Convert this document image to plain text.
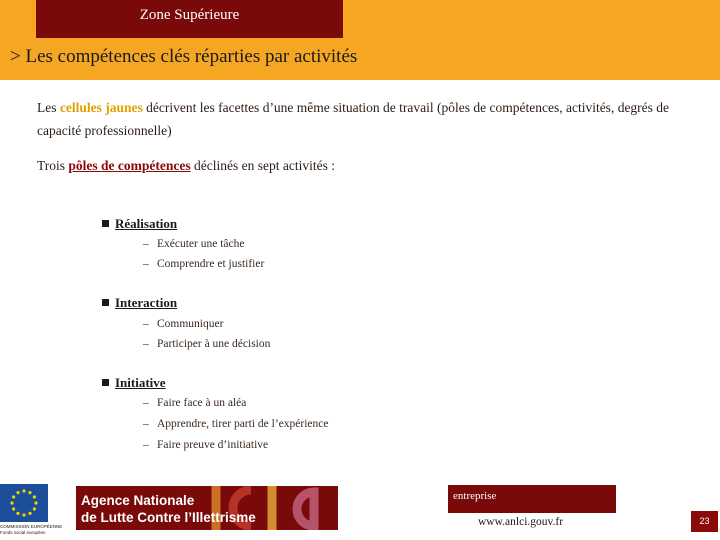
Zone Supérieure
> Les compétences clés réparties par activités
Les cellules jaunes décrivent les facettes d’une même situation de travail (pôles de compétences, activités, degrés de capacité professionnelle)
Trois pôles de compétences déclinés en sept activités :
Réalisation
– Exécuter une tâche
– Comprendre et justifier
Interaction
– Communiquer
– Participer à une décision
Initiative
– Faire face à un aléa
– Apprendre, tirer parti de l’expérience
– Faire preuve d’initiative
COMMISSION EUROPÉENNE
Fonds social européen
Agence Nationale
de Lutte Contre l’Illettrisme
entreprise
www.anlci.gouv.fr	23
